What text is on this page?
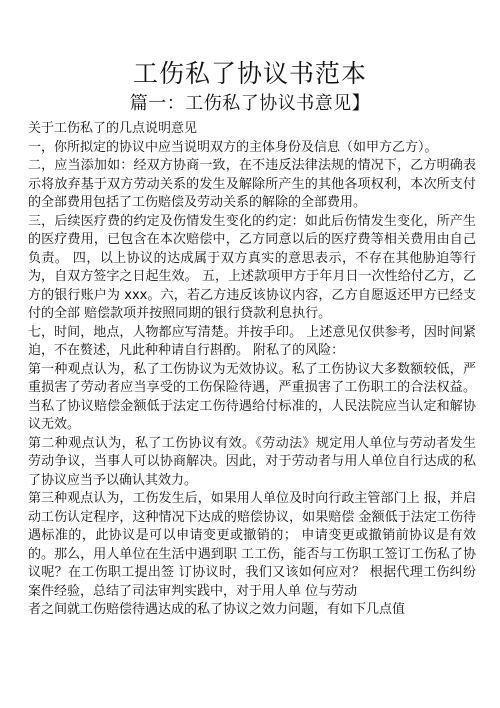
工伤私了协议书范本
篇一：工伤私了协议书意见】

关于工伤私了的几点说明意见

一，你所拟定的协议中应当说明双方的主体身份及信息（如甲方乙方）。

二，应当添加如：经双方协商一致，在不违反法律法规的情况下，乙方明确表示将放弃基于双方劳动关系的发生及解除所产生的其他各项权利，本次所支付的全部费用包括了工伤赔偿及劳动关系的解除的全部费用。

三，后续医疗费的约定及伤情发生变化的约定：如此后伤情发生变化，所产生的医疗费用，已包含在本次赔偿中，乙方同意以后的医疗费等相关费用由自己负责。 四，以上协议的达成属于双方真实的意思表示，不存在其他胁迫等行为，自双方签字之日起生效。 五，上述款项甲方于年月日一次性给付乙方，乙方的银行账户为 xxx。六，若乙方违反该协议内容，乙方自愿返还甲方已经支付的全部 赔偿款项并按照同期的银行贷款利息执行。

七，时间，地点，人物都应写清楚。并按手印。 上述意见仅供参考，因时间紧迫，不在赘述，凡此种种请自行斟酌。 附私了的风险：

第一种观点认为，私了工伤协议为无效协议。私了工伤协议大多数额较低，严重损害了劳动者应当享受的工伤保险待遇，严重损害了工伤职工的合法权益。当私了协议赔偿金额低于法定工伤待遇给付标准的，人民法院应当认定和解协议无效。

第二种观点认为，私了工伤协议有效。《劳动法》规定用人单位与劳动者发生劳动争议，当事人可以协商解决。因此，对于劳动者与用人单位自行达成的私了协议应当予以确认其效力。

第三种观点认为，工伤发生后，如果用人单位及时向行政主管部门上 报，并启动工伤认定程序，这种情况下达成的赔偿协议，如果赔偿 金额低于法定工伤待遇标准的，此协议是可以申请变更或撤销的； 申请变更或撤销前协议是有效的。那么，用人单位在生活中遇到职 工工伤，能否与工伤职工签订工伤私了协议呢？在工伤职工提出签 订协议时，我们又该如何应对？ 根据代理工伤纠纷案件经验，总结了司法审判实践中，对于用人单 位与劳动

者之间就工伤赔偿待遇达成的私了协议之效力问题，有如下几点值
